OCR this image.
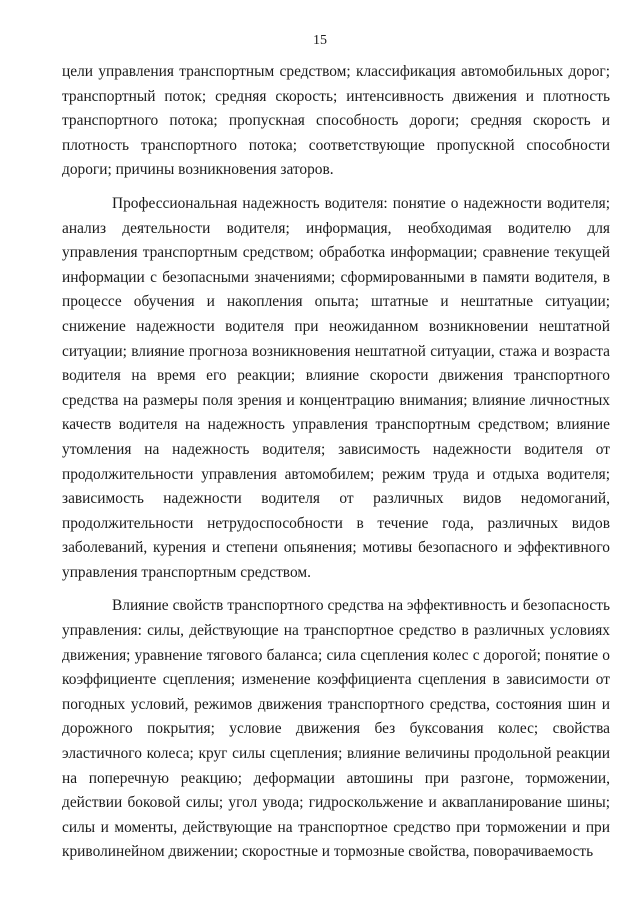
15

цели управления транспортным средством; классификация автомобильных дорог; транспортный поток; средняя скорость; интенсивность движения и плотность транспортного потока; пропускная способность дороги; средняя скорость и плотность транспортного потока; соответствующие пропускной способности дороги; причины возникновения заторов.

Профессиональная надежность водителя: понятие о надежности водителя; анализ деятельности водителя; информация, необходимая водителю для управления транспортным средством; обработка информации; сравнение текущей информации с безопасными значениями; сформированными в памяти водителя, в процессе обучения и накопления опыта; штатные и нештатные ситуации; снижение надежности водителя при неожиданном возникновении нештатной ситуации; влияние прогноза возникновения нештатной ситуации, стажа и возраста водителя на время его реакции; влияние скорости движения транспортного средства на размеры поля зрения и концентрацию внимания; влияние личностных качеств водителя на надежность управления транспортным средством; влияние утомления на надежность водителя; зависимость надежности водителя от продолжительности управления автомобилем; режим труда и отдыха водителя; зависимость надежности водителя от различных видов недомоганий, продолжительности нетрудоспособности в течение года, различных видов заболеваний, курения и степени опьянения; мотивы безопасного и эффективного управления транспортным средством.

Влияние свойств транспортного средства на эффективность и безопасность управления: силы, действующие на транспортное средство в различных условиях движения; уравнение тягового баланса; сила сцепления колес с дорогой; понятие о коэффициенте сцепления; изменение коэффициента сцепления в зависимости от погодных условий, режимов движения транспортного средства, состояния шин и дорожного покрытия; условие движения без буксования колес; свойства эластичного колеса; круг силы сцепления; влияние величины продольной реакции на поперечную реакцию; деформации автошины при разгоне, торможении, действии боковой силы; угол увода; гидроскольжение и аквапланирование шины; силы и моменты, действующие на транспортное средство при торможении и при криволинейном движении; скоростные и тормозные свойства, поворачиваемость
